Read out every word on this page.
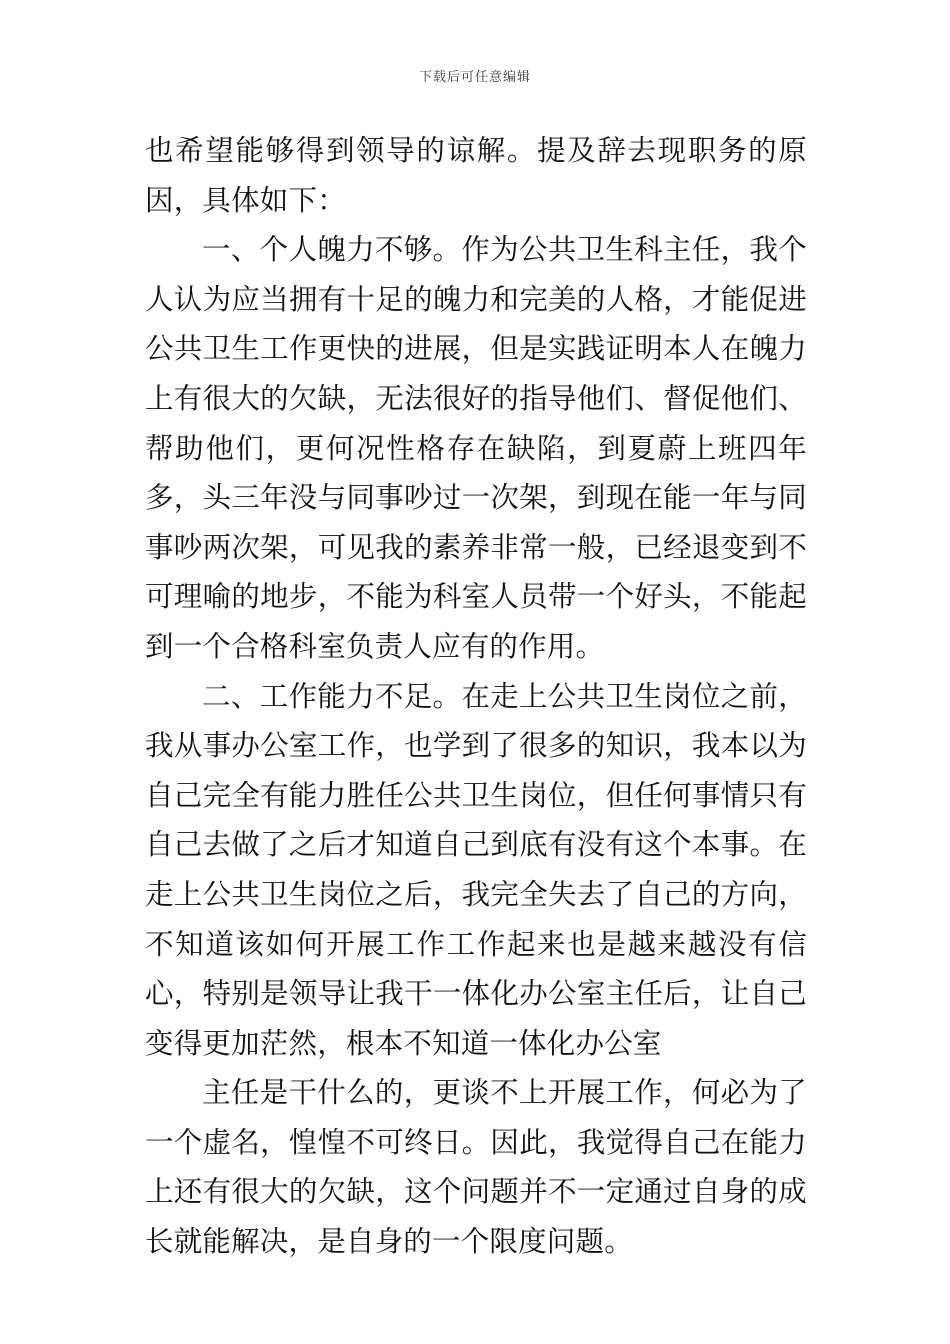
下载后可任意编辑

也希望能够得到领导的谅解。提及辞去现职务的原因，具体如下：

一、个人魄力不够。作为公共卫生科主任，我个人认为应当拥有十足的魄力和完美的人格，才能促进公共卫生工作更快的进展，但是实践证明本人在魄力上有很大的欠缺，无法很好的指导他们、督促他们、帮助他们，更何况性格存在缺陷，到夏蔚上班四年多，头三年没与同事吵过一次架，到现在能一年与同事吵两次架，可见我的素养非常一般，已经退变到不可理喻的地步，不能为科室人员带一个好头，不能起到一个合格科室负责人应有的作用。

二、工作能力不足。在走上公共卫生岗位之前，我从事办公室工作，也学到了很多的知识，我本以为自己完全有能力胜任公共卫生岗位，但任何事情只有自己去做了之后才知道自己到底有没有这个本事。在走上公共卫生岗位之后，我完全失去了自己的方向，不知道该如何开展工作工作起来也是越来越没有信心，特别是领导让我干一体化办公室主任后，让自己变得更加茫然，根本不知道一体化办公室

主任是干什么的，更谈不上开展工作，何必为了一个虚名，惶惶不可终日。因此，我觉得自己在能力上还有很大的欠缺，这个问题并不一定通过自身的成长就能解决，是自身的一个限度问题。
